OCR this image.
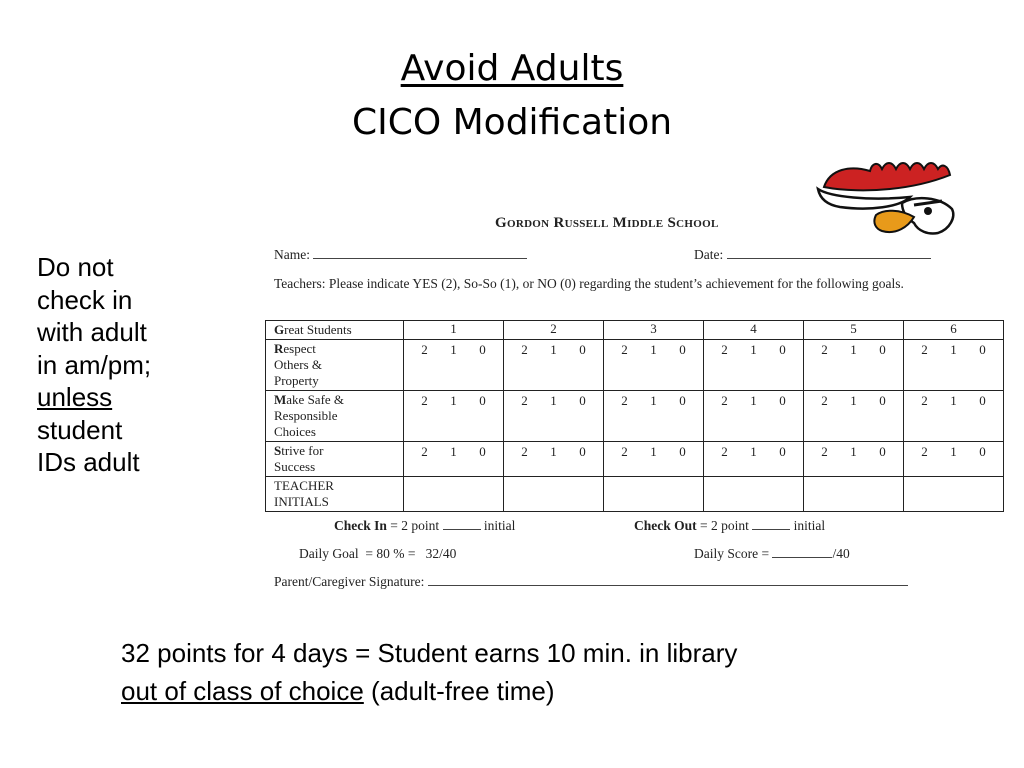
Avoid Adults
CICO Modification
Do not
check in
with adult
in am/pm;
unless
student
IDs adult
Gordon Russell Middle School
Name:	Date:
Teachers: Please indicate YES (2), So-So (1), or NO (0) regarding the student’s achievement for the following goals.
Great Students	1	2	3	4	5	6
Respect
Others &
Property	2 1 0	2 1 0	2 1 0	2 1 0	2 1 0	2 1 0

Make Safe &
Responsible
Choices	2 1 0	2 1 0	2 1 0	2 1 0	2 1 0	2 1 0

Strive for
Success	2 1 0	2 1 0	2 1 0	2 1 0	2 1 0	2 1 0

TEACHER
INITIALS						
Check In = 2 point	initial	Check Out = 2 point	initial
Daily Goal  = 80 % =   32/40	Daily Score =	/40
Parent/Caregiver Signature:
32 points for 4 days = Student earns 10 min. in library
out of class of choice (adult-free time)
